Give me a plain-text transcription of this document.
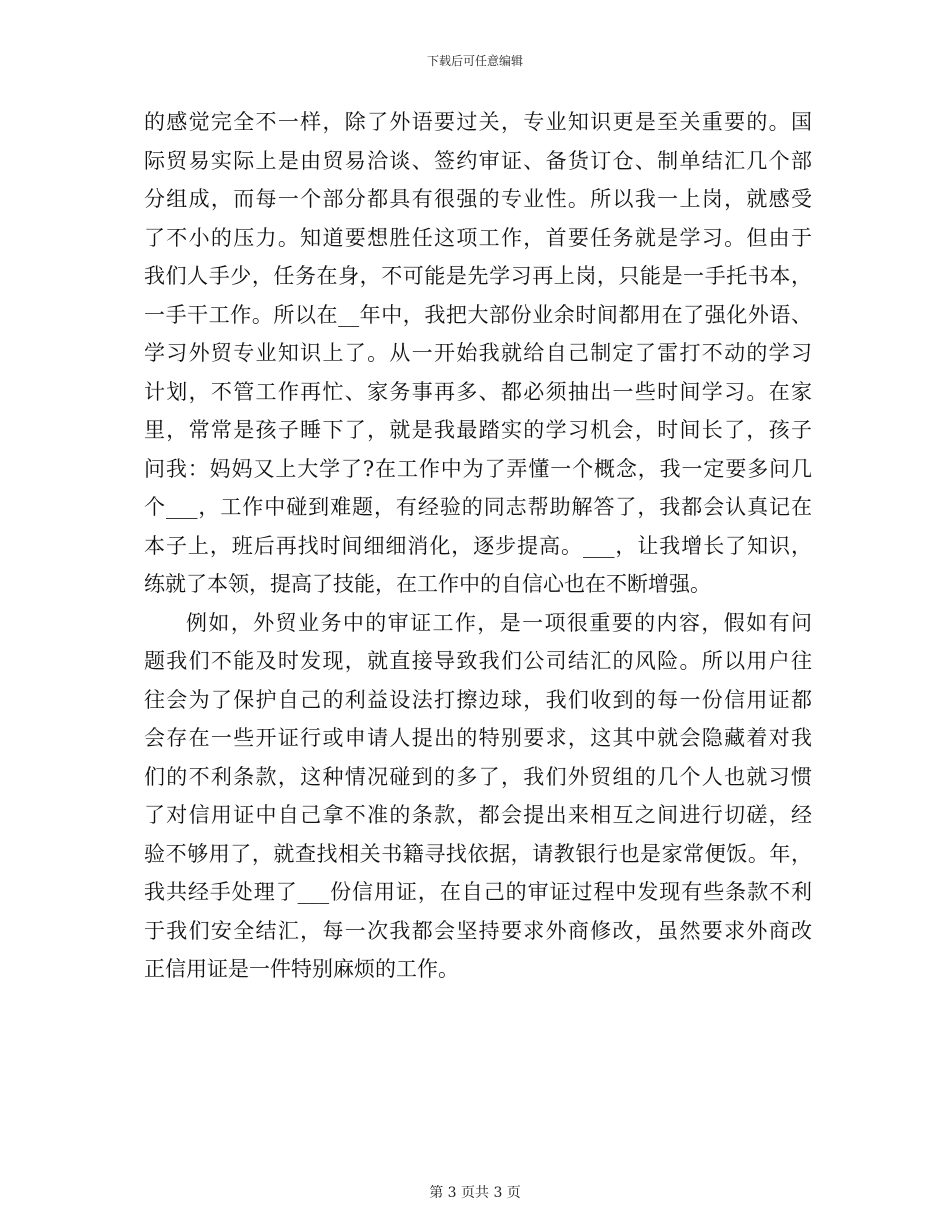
下载后可任意编辑

的感觉完全不一样，除了外语要过关，专业知识更是至关重要的。国

际贸易实际上是由贸易洽谈、签约审证、备货订仓、制单结汇几个部

分组成，而每一个部分都具有很强的专业性。所以我一上岗，就感受

了不小的压力。知道要想胜任这项工作，首要任务就是学习。但由于

我们人手少，任务在身，不可能是先学习再上岗，只能是一手托书本，

一手干工作。所以在__年中，我把大部份业余时间都用在了强化外语、

学习外贸专业知识上了。从一开始我就给自己制定了雷打不动的学习

计划，不管工作再忙、家务事再多、都必须抽出一些时间学习。在家

里，常常是孩子睡下了，就是我最踏实的学习机会，时间长了，孩子

问我：妈妈又上大学了?在工作中为了弄懂一个概念，我一定要多问几

个___，工作中碰到难题，有经验的同志帮助解答了，我都会认真记在

本子上，班后再找时间细细消化，逐步提高。___，让我增长了知识，

练就了本领，提高了技能，在工作中的自信心也在不断增强。

例如，外贸业务中的审证工作，是一项很重要的内容，假如有问

题我们不能及时发现，就直接导致我们公司结汇的风险。所以用户往

往会为了保护自己的利益设法打擦边球，我们收到的每一份信用证都

会存在一些开证行或申请人提出的特别要求，这其中就会隐藏着对我

们的不利条款，这种情况碰到的多了，我们外贸组的几个人也就习惯

了对信用证中自己拿不准的条款，都会提出来相互之间进行切磋，经

验不够用了，就查找相关书籍寻找依据，请教银行也是家常便饭。年，

我共经手处理了___份信用证，在自己的审证过程中发现有些条款不利

于我们安全结汇，每一次我都会坚持要求外商修改，虽然要求外商改

正信用证是一件特别麻烦的工作。

第 3 页共 3 页
